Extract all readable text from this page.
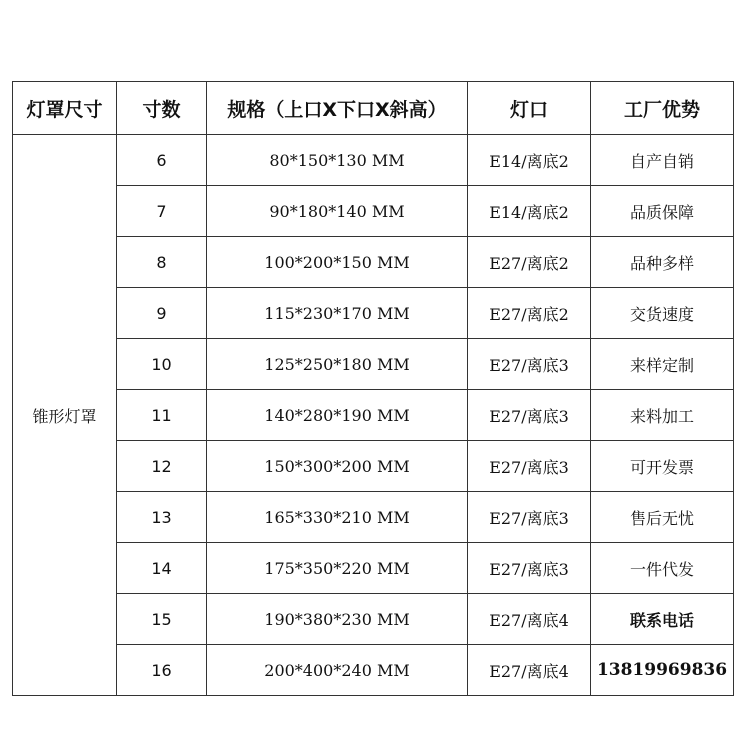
灯罩尺寸	寸数	规格（上口X下口X斜高）	灯口	工厂优势
锥形灯罩	6	80*150*130 MM	E14/离底2	自产自销
	7	90*180*140 MM	E14/离底2	品质保障
	8	100*200*150 MM	E27/离底2	品种多样
	9	115*230*170 MM	E27/离底2	交货速度
	10	125*250*180 MM	E27/离底3	来样定制
	11	140*280*190 MM	E27/离底3	来料加工
	12	150*300*200 MM	E27/离底3	可开发票
	13	165*330*210 MM	E27/离底3	售后无忧
	14	175*350*220 MM	E27/离底3	一件代发
	15	190*380*230 MM	E27/离底4	联系电话
	16	200*400*240 MM	E27/离底4	13819969836
